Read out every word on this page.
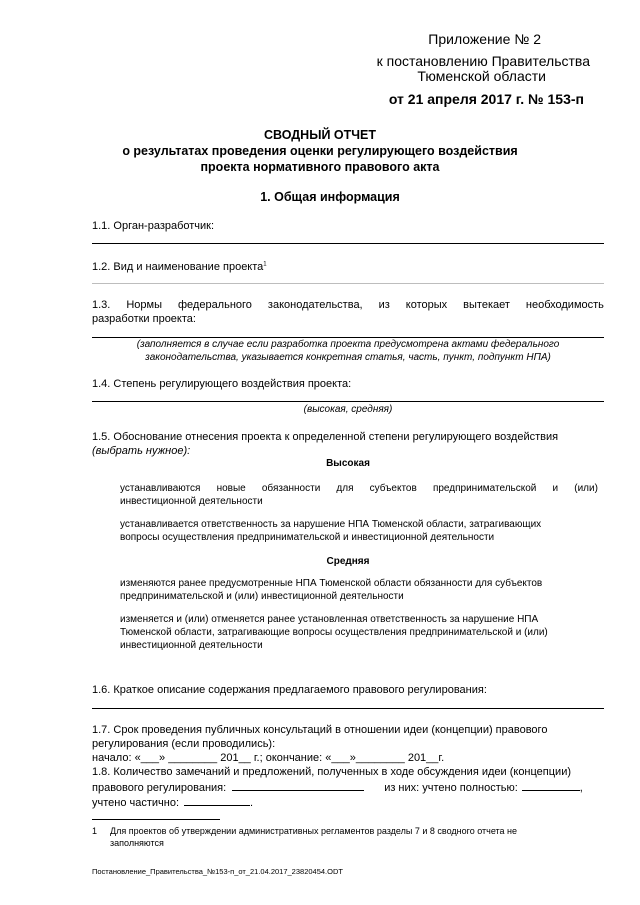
Приложение № 2
к постановлению Правительства
Тюменской области
от 21 апреля 2017 г. № 153-п
СВОДНЫЙ ОТЧЕТ
о результатах проведения оценки регулирующего воздействия
проекта нормативного правового акта
1. Общая информация
1.1. Орган-разработчик:
1.2. Вид и наименование проекта$^1$
1.3. Нормы федерального законодательства, из которых вытекает необходимость
разработки проекта:
(заполняется в случае если разработка проекта предусмотрена актами федерального
законодательства, указывается конкретная статья, часть, пункт, подпункт НПА)
1.4. Степень регулирующего воздействия проекта:
(высокая, средняя)
1.5. Обоснование отнесения проекта к определенной степени регулирующего воздействия
(выбрать нужное):
Высокая
устанавливаются новые обязанности для субъектов предпринимательской и (или)
инвестиционной деятельности
устанавливается ответственность за нарушение НПА Тюменской области, затрагивающих
вопросы осуществления предпринимательской и инвестиционной деятельности
Средняя
изменяются ранее предусмотренные НПА Тюменской области обязанности для субъектов
предпринимательской и (или) инвестиционной деятельности
изменяется и (или) отменяется ранее установленная ответственность за нарушение НПА
Тюменской области, затрагивающие вопросы осуществления предпринимательской и (или)
инвестиционной деятельности
1.6. Краткое описание содержания предлагаемого правового регулирования:
1.7. Срок проведения публичных консультаций в отношении идеи (концепции) правового
регулирования (если проводились):
начало: «___» ________ 201__ г.; окончание: «___»________ 201__г.
1.8. Количество замечаний и предложений, полученных в ходе обсуждения идеи (концепции)
правового регулирования:	из них: учтено полностью:	,
учтено частично:	.
1	Для проектов об утверждении административных регламентов разделы 7 и 8 сводного отчета не
заполняются
Постановление_Правительства_№153-п_от_21.04.2017_23820454.ODT
